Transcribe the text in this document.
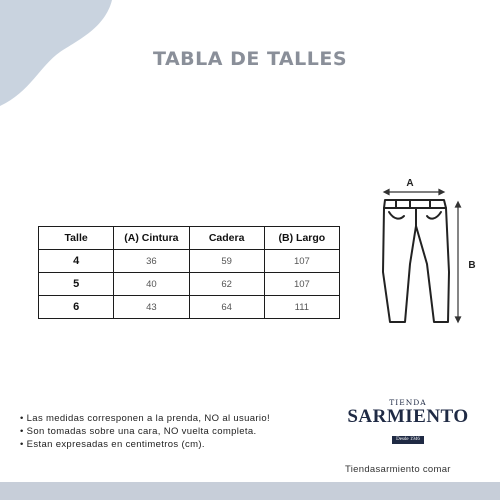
TABLA DE TALLES
Talle	(A) Cintura	Cadera	(B) Largo
4	36	59	107
5	40	62	107
6	43	64	111
A
B
• Las medidas corresponen a la prenda, NO al usuario!
• Son tomadas sobre una cara, NO vuelta completa.
• Estan expresadas en centimetros (cm).
TIENDA
SARMIENTO
Desde 1946
Tiendasarmiento comar
